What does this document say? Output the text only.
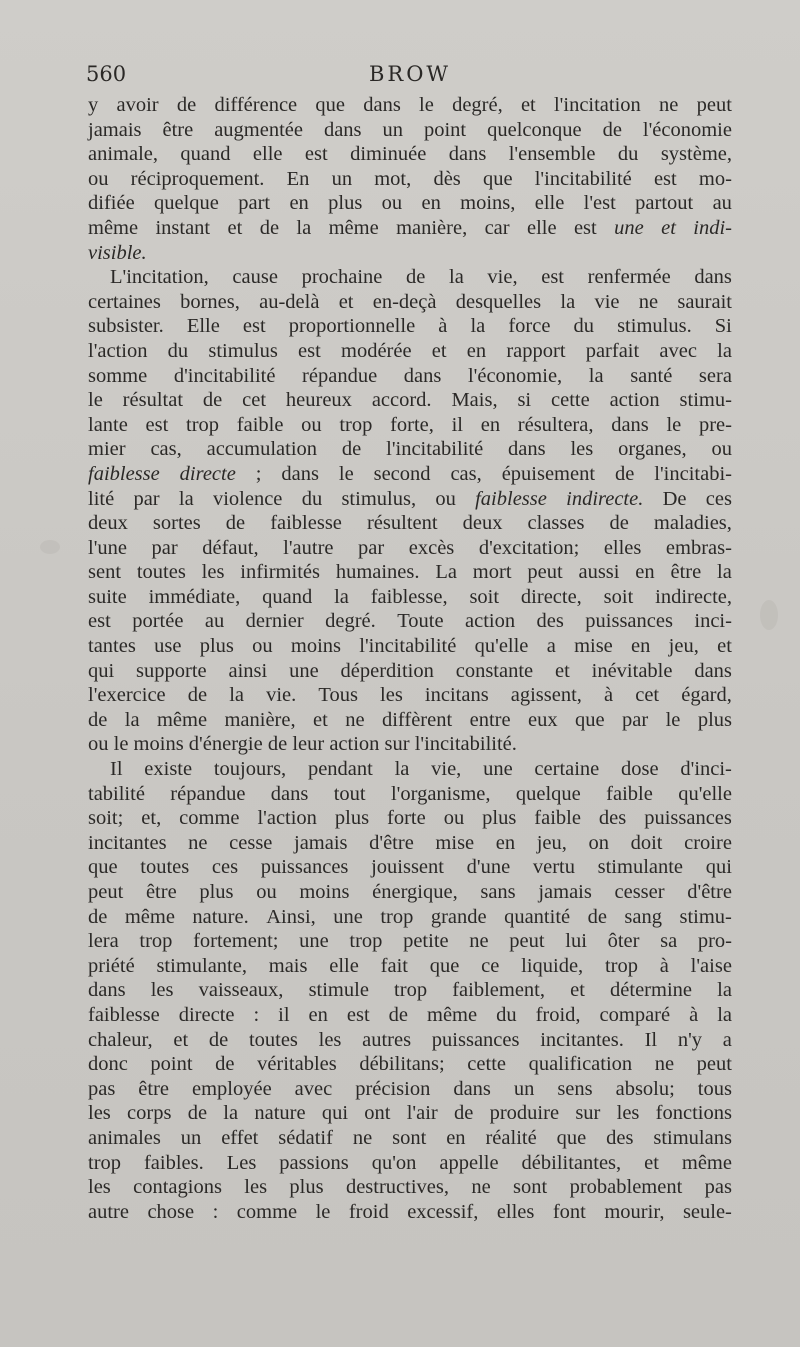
560	BROW
y avoir de différence que dans le degré, et l'incitation ne peut
jamais être augmentée dans un point quelconque de l'économie
animale, quand elle est diminuée dans l'ensemble du système,
ou réciproquement. En un mot, dès que l'incitabilité est mo-
difiée quelque part en plus ou en moins, elle l'est partout au
même instant et de la même manière, car elle est une et indi-
visible.
L'incitation, cause prochaine de la vie, est renfermée dans
certaines bornes, au-delà et en-deçà desquelles la vie ne saurait
subsister. Elle est proportionnelle à la force du stimulus. Si
l'action du stimulus est modérée et en rapport parfait avec la
somme d'incitabilité répandue dans l'économie, la santé sera
le résultat de cet heureux accord. Mais, si cette action stimu-
lante est trop faible ou trop forte, il en résultera, dans le pre-
mier cas, accumulation de l'incitabilité dans les organes, ou
faiblesse directe ; dans le second cas, épuisement de l'incitabi-
lité par la violence du stimulus, ou faiblesse indirecte. De ces
deux sortes de faiblesse résultent deux classes de maladies,
l'une par défaut, l'autre par excès d'excitation; elles embras-
sent toutes les infirmités humaines. La mort peut aussi en être la
suite immédiate, quand la faiblesse, soit directe, soit indirecte,
est portée au dernier degré. Toute action des puissances inci-
tantes use plus ou moins l'incitabilité qu'elle a mise en jeu, et
qui supporte ainsi une déperdition constante et inévitable dans
l'exercice de la vie. Tous les incitans agissent, à cet égard,
de la même manière, et ne diffèrent entre eux que par le plus
ou le moins d'énergie de leur action sur l'incitabilité.
Il existe toujours, pendant la vie, une certaine dose d'inci-
tabilité répandue dans tout l'organisme, quelque faible qu'elle
soit; et, comme l'action plus forte ou plus faible des puissances
incitantes ne cesse jamais d'être mise en jeu, on doit croire
que toutes ces puissances jouissent d'une vertu stimulante qui
peut être plus ou moins énergique, sans jamais cesser d'être
de même nature. Ainsi, une trop grande quantité de sang stimu-
lera trop fortement; une trop petite ne peut lui ôter sa pro-
priété stimulante, mais elle fait que ce liquide, trop à l'aise
dans les vaisseaux, stimule trop faiblement, et détermine la
faiblesse directe : il en est de même du froid, comparé à la
chaleur, et de toutes les autres puissances incitantes. Il n'y a
donc point de véritables débilitans; cette qualification ne peut
pas être employée avec précision dans un sens absolu; tous
les corps de la nature qui ont l'air de produire sur les fonctions
animales un effet sédatif ne sont en réalité que des stimulans
trop faibles. Les passions qu'on appelle débilitantes, et même
les contagions les plus destructives, ne sont probablement pas
autre chose : comme le froid excessif, elles font mourir, seule-
